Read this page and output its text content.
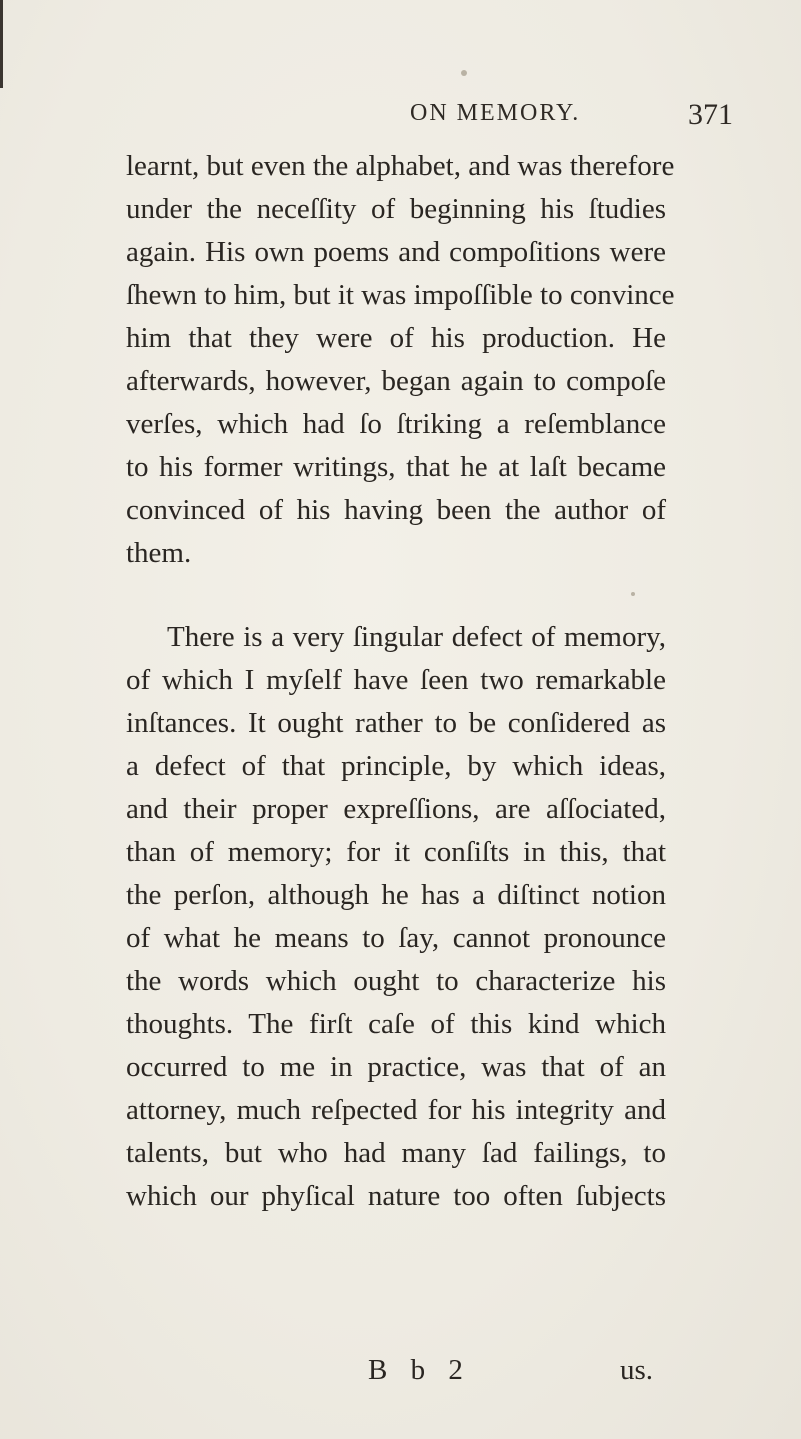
ON MEMORY.	371
learnt, but even the alphabet, and was therefore
under the neceſſity of beginning his ſtudies
again. His own poems and compoſitions were
ſhewn to him, but it was impoſſible to convince
him that they were of his production. He
afterwards, however, began again to compoſe
verſes, which had ſo ſtriking a reſemblance
to his former writings, that he at laſt became
convinced of his having been the author of
them.
There is a very ſingular defect of memory,
of which I myſelf have ſeen two remarkable
inſtances. It ought rather to be conſidered as
a defect of that principle, by which ideas,
and their proper expreſſions, are aſſociated,
than of memory; for it conſiſts in this, that
the perſon, although he has a diſtinct notion
of what he means to ſay, cannot pronounce
the words which ought to characterize his
thoughts. The firſt caſe of this kind which
occurred to me in practice, was that of an
attorney, much reſpected for his integrity and
talents, but who had many ſad failings, to
which our phyſical nature too often ſubjects
B b 2	us.
